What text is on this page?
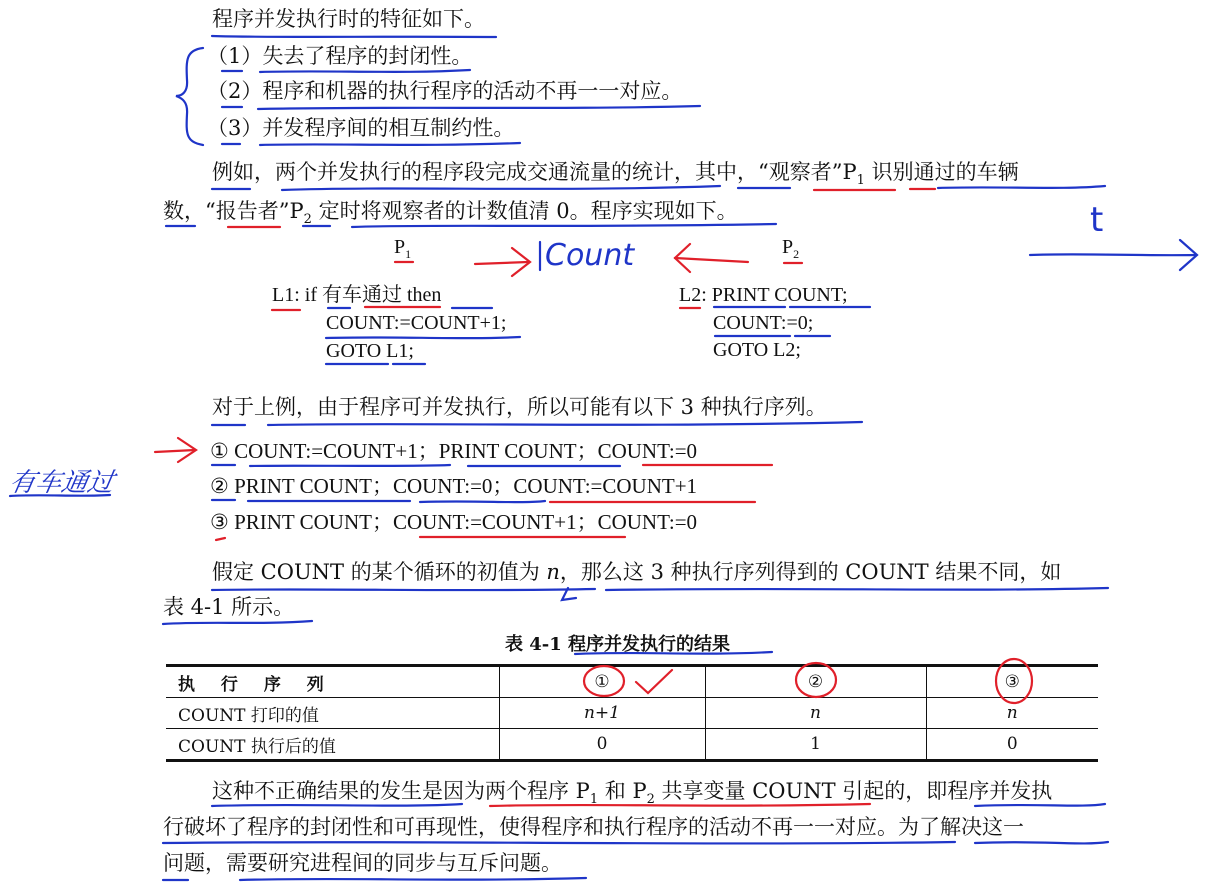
程序并发执行时的特征如下。
（1）失去了程序的封闭性。
（2）程序和机器的执行程序的活动不再一一对应。
（3）并发程序间的相互制约性。
例如，两个并发执行的程序段完成交通流量的统计，其中，“观察者$”P_1$ 识别通过的车辆
数，“报告者$”P_2$ 定时将观察者的计数值清 0。程序实现如下。
$P_1$	$P_2$
L1: if 有车通过 then
COUNT:=COUNT+1;
GOTO L1;
L2: PRINT COUNT;
COUNT:=0;
GOTO L2;
对于上例，由于程序可并发执行，所以可能有以下 3 种执行序列。
① COUNT:=COUNT+1；PRINT COUNT；COUNT:=0
② PRINT COUNT；COUNT:=0；COUNT:=COUNT+1
③ PRINT COUNT；COUNT:=COUNT+1；COUNT:=0
假定 COUNT 的某个循环的初值为 n，那么这 3 种执行序列得到的 COUNT 结果不同，如
表 4-1 所示。
表 4-1 程序并发执行的结果
执 行 序 列	①	②	③
COUNT 打印的值	n+1	n	n
COUNT 执行后的值	0	1	0
这种不正确结果的发生是因为两个程序 $P_1$ 和 $P_2$ 共享变量 COUNT 引起的，即程序并发执
行破坏了程序的封闭性和可再现性，使得程序和执行程序的活动不再一一对应。为了解决这一
问题，需要研究进程间的同步与互斥问题。
Count
有车通过
t
